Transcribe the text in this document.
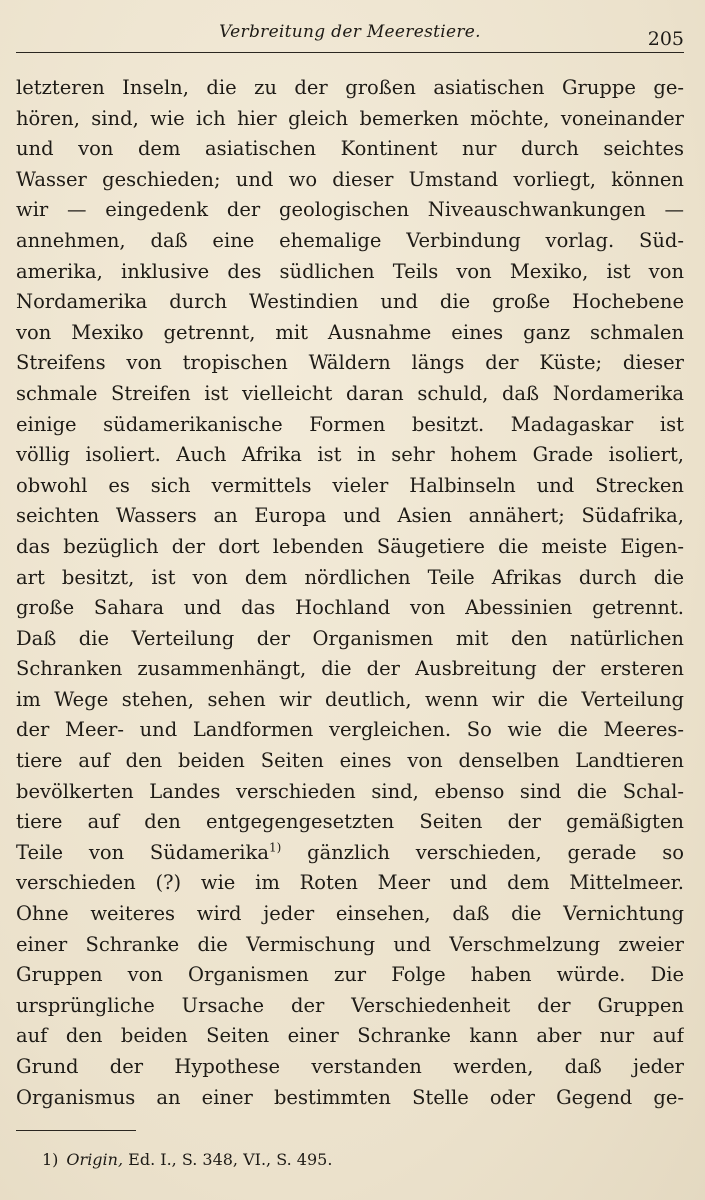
Verbreitung der Meerestiere.	205
letzteren Inseln, die zu der großen asiatischen Gruppe ge-
hören, sind, wie ich hier gleich bemerken möchte, voneinander
und von dem asiatischen Kontinent nur durch seichtes
Wasser geschieden; und wo dieser Umstand vorliegt, können
wir — eingedenk der geologischen Niveauschwankungen —
annehmen, daß eine ehemalige Verbindung vorlag. Süd-
amerika, inklusive des südlichen Teils von Mexiko, ist von
Nordamerika durch Westindien und die große Hochebene
von Mexiko getrennt, mit Ausnahme eines ganz schmalen
Streifens von tropischen Wäldern längs der Küste; dieser
schmale Streifen ist vielleicht daran schuld, daß Nordamerika
einige südamerikanische Formen besitzt. Madagaskar ist
völlig isoliert. Auch Afrika ist in sehr hohem Grade isoliert,
obwohl es sich vermittels vieler Halbinseln und Strecken
seichten Wassers an Europa und Asien annähert; Südafrika,
das bezüglich der dort lebenden Säugetiere die meiste Eigen-
art besitzt, ist von dem nördlichen Teile Afrikas durch die
große Sahara und das Hochland von Abessinien getrennt.
Daß die Verteilung der Organismen mit den natürlichen
Schranken zusammenhängt, die der Ausbreitung der ersteren
im Wege stehen, sehen wir deutlich, wenn wir die Verteilung
der Meer- und Landformen vergleichen. So wie die Meeres-
tiere auf den beiden Seiten eines von denselben Landtieren
bevölkerten Landes verschieden sind, ebenso sind die Schal-
tiere auf den entgegengesetzten Seiten der gemäßigten
Teile von Südamerika$^{1)}$ gänzlich verschieden, gerade so
verschieden (?) wie im Roten Meer und dem Mittelmeer.
Ohne weiteres wird jeder einsehen, daß die Vernichtung
einer Schranke die Vermischung und Verschmelzung zweier
Gruppen von Organismen zur Folge haben würde. Die
ursprüngliche Ursache der Verschiedenheit der Gruppen
auf den beiden Seiten einer Schranke kann aber nur auf
Grund der Hypothese verstanden werden, daß jeder
Organismus an einer bestimmten Stelle oder Gegend ge-
1) Origin, Ed. I., S. 348, VI., S. 495.
